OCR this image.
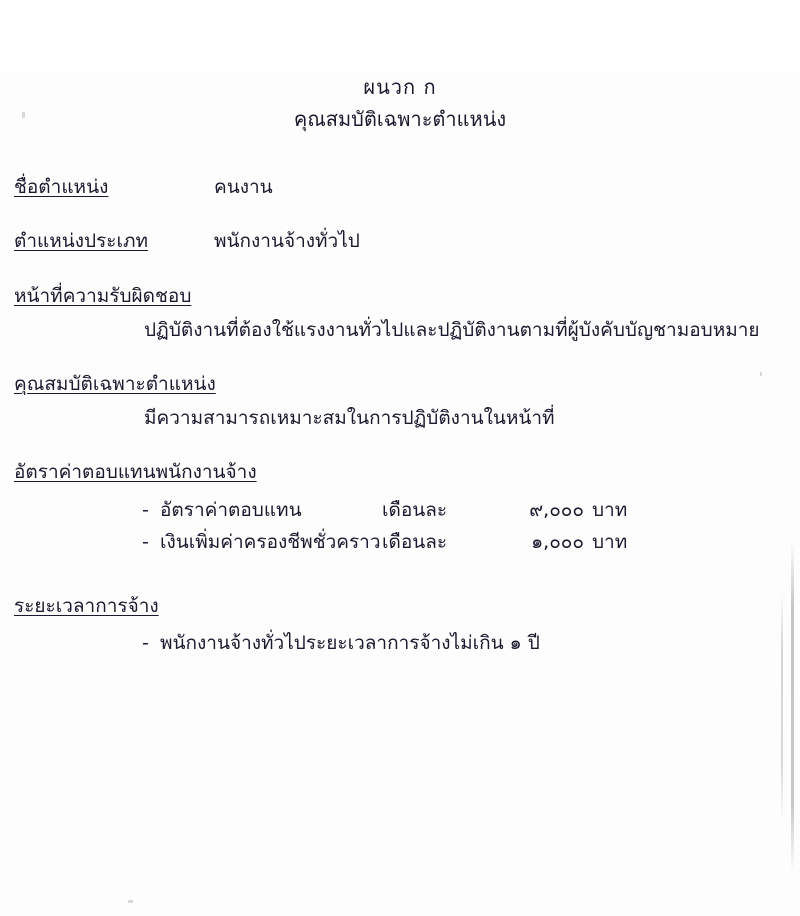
ผนวก ก
คุณสมบัติเฉพาะตำแหน่ง
ชื่อตำแหน่ง	คนงาน
ตำแหน่งประเภท	พนักงานจ้างทั่วไป
หน้าที่ความรับผิดชอบ
ปฏิบัติงานที่ต้องใช้แรงงานทั่วไปและปฏิบัติงานตามที่ผู้บังคับบัญชามอบหมาย
คุณสมบัติเฉพาะตำแหน่ง
มีความสามารถเหมาะสมในการปฏิบัติงานในหน้าที่
อัตราค่าตอบแทนพนักงานจ้าง
- อัตราค่าตอบแทน	เดือนละ	๙,๐๐๐ บาท
- เงินเพิ่มค่าครองชีพชั่วคราว เดือนละ	๑,๐๐๐ บาท
ระยะเวลาการจ้าง
- พนักงานจ้างทั่วไประยะเวลาการจ้างไม่เกิน ๑ ปี
